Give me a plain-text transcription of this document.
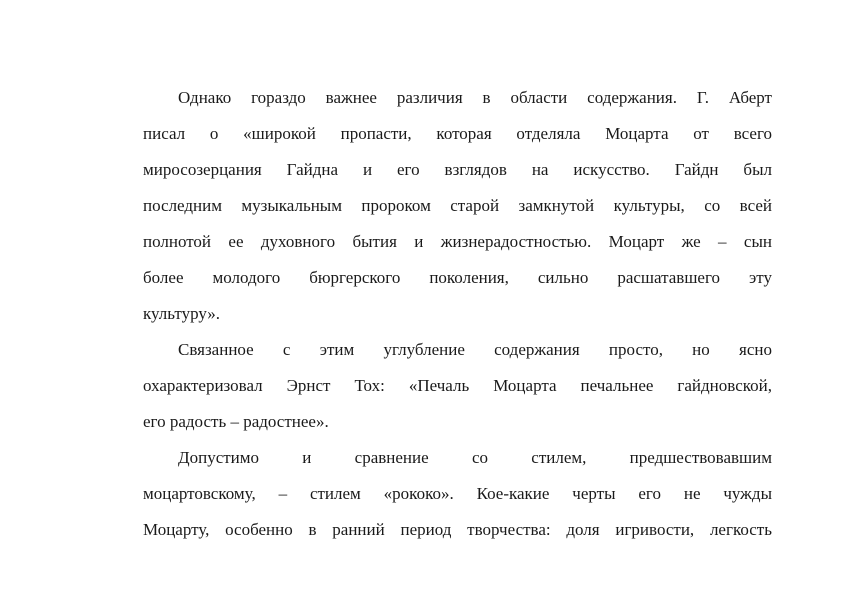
Однако гораздо важнее различия в области содержания. Г. Аберт
писал о «широкой пропасти, которая отделяла Моцарта от всего
миросозерцания Гайдна и его взглядов на искусство. Гайдн был
последним музыкальным пророком старой замкнутой культуры, со всей
полнотой ее духовного бытия и жизнерадостностью. Моцарт же – сын
более молодого бюргерского поколения, сильно расшатавшего эту
культуру».
Связанное с этим углубление содержания просто, но ясно
охарактеризовал Эрнст Тох: «Печаль Моцарта печальнее гайдновской,
его радость – радостнее».
Допустимо и сравнение со стилем, предшествовавшим
моцартовскому, – стилем «рококо». Кое-какие черты его не чужды
Моцарту, особенно в ранний период творчества: доля игривости, легкость
